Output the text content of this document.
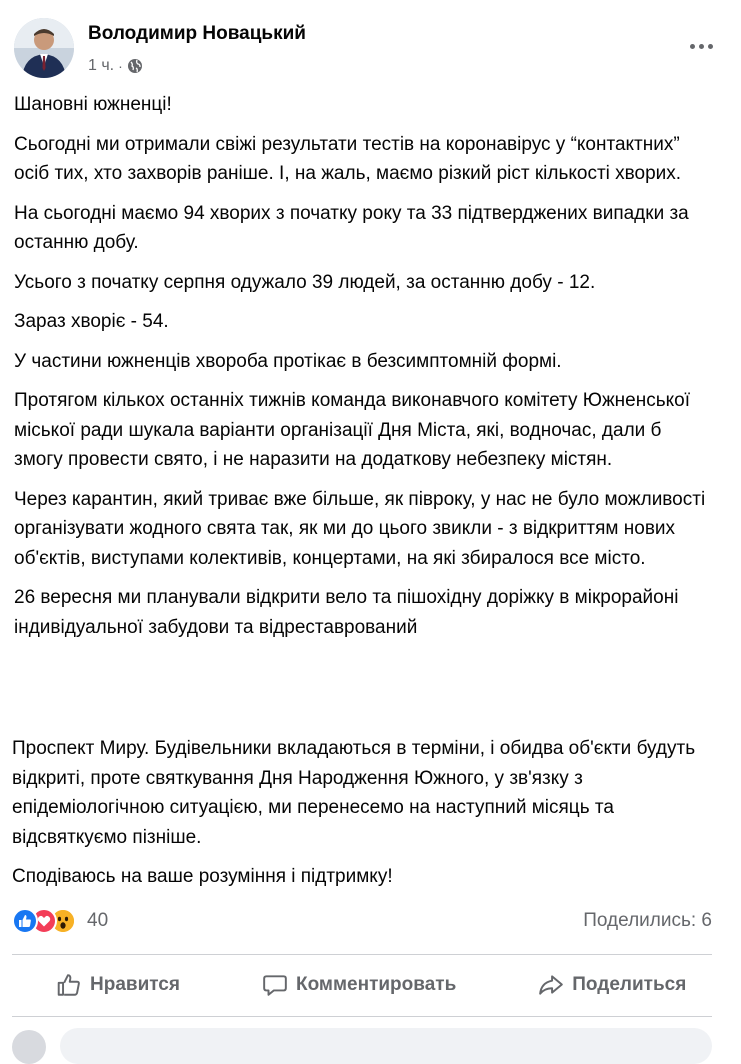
Володимир Новацький
1 ч. ·

Шановні южненці!

Сьогодні ми отримали свіжі результати тестів на коронавірус у “контактних” осіб тих, хто захворів раніше. І, на жаль, маємо різкий ріст кількості хворих.

На сьогодні маємо 94 хворих з початку року та 33 підтверджених випадки за останню добу.

Усього з початку серпня одужало 39 людей, за останню добу - 12.

Зараз хворіє - 54.

У частини южненців хвороба протікає в безсимптомній формі.

Протягом кількох останніх тижнів команда виконавчого комітету Южненської міської ради шукала варіанти організації Дня Міста, які, водночас, дали б змогу провести свято, і не наразити на додаткову небезпеку містян.

Через карантин, який триває вже більше, як півроку, у нас не було можливості організувати жодного свята так, як ми до цього звикли - з відкриттям нових об'єктів, виступами колективів, концертами, на які збиралося все місто.

26 вересня ми планували відкрити вело та пішохідну доріжку в мікрорайоні індивідуальної забудови та відреставрований

Проспект Миру. Будівельники вкладаються в терміни, і обидва об'єкти будуть відкриті, проте святкування Дня Народження Южного, у зв'язку з епідеміологічною ситуацією, ми перенесемо на наступний місяць та відсвяткуємо пізніше.

Сподіваюсь на ваше розуміння і підтримку!

40	Поделились: 6
Нравится	Комментировать	Поделиться
